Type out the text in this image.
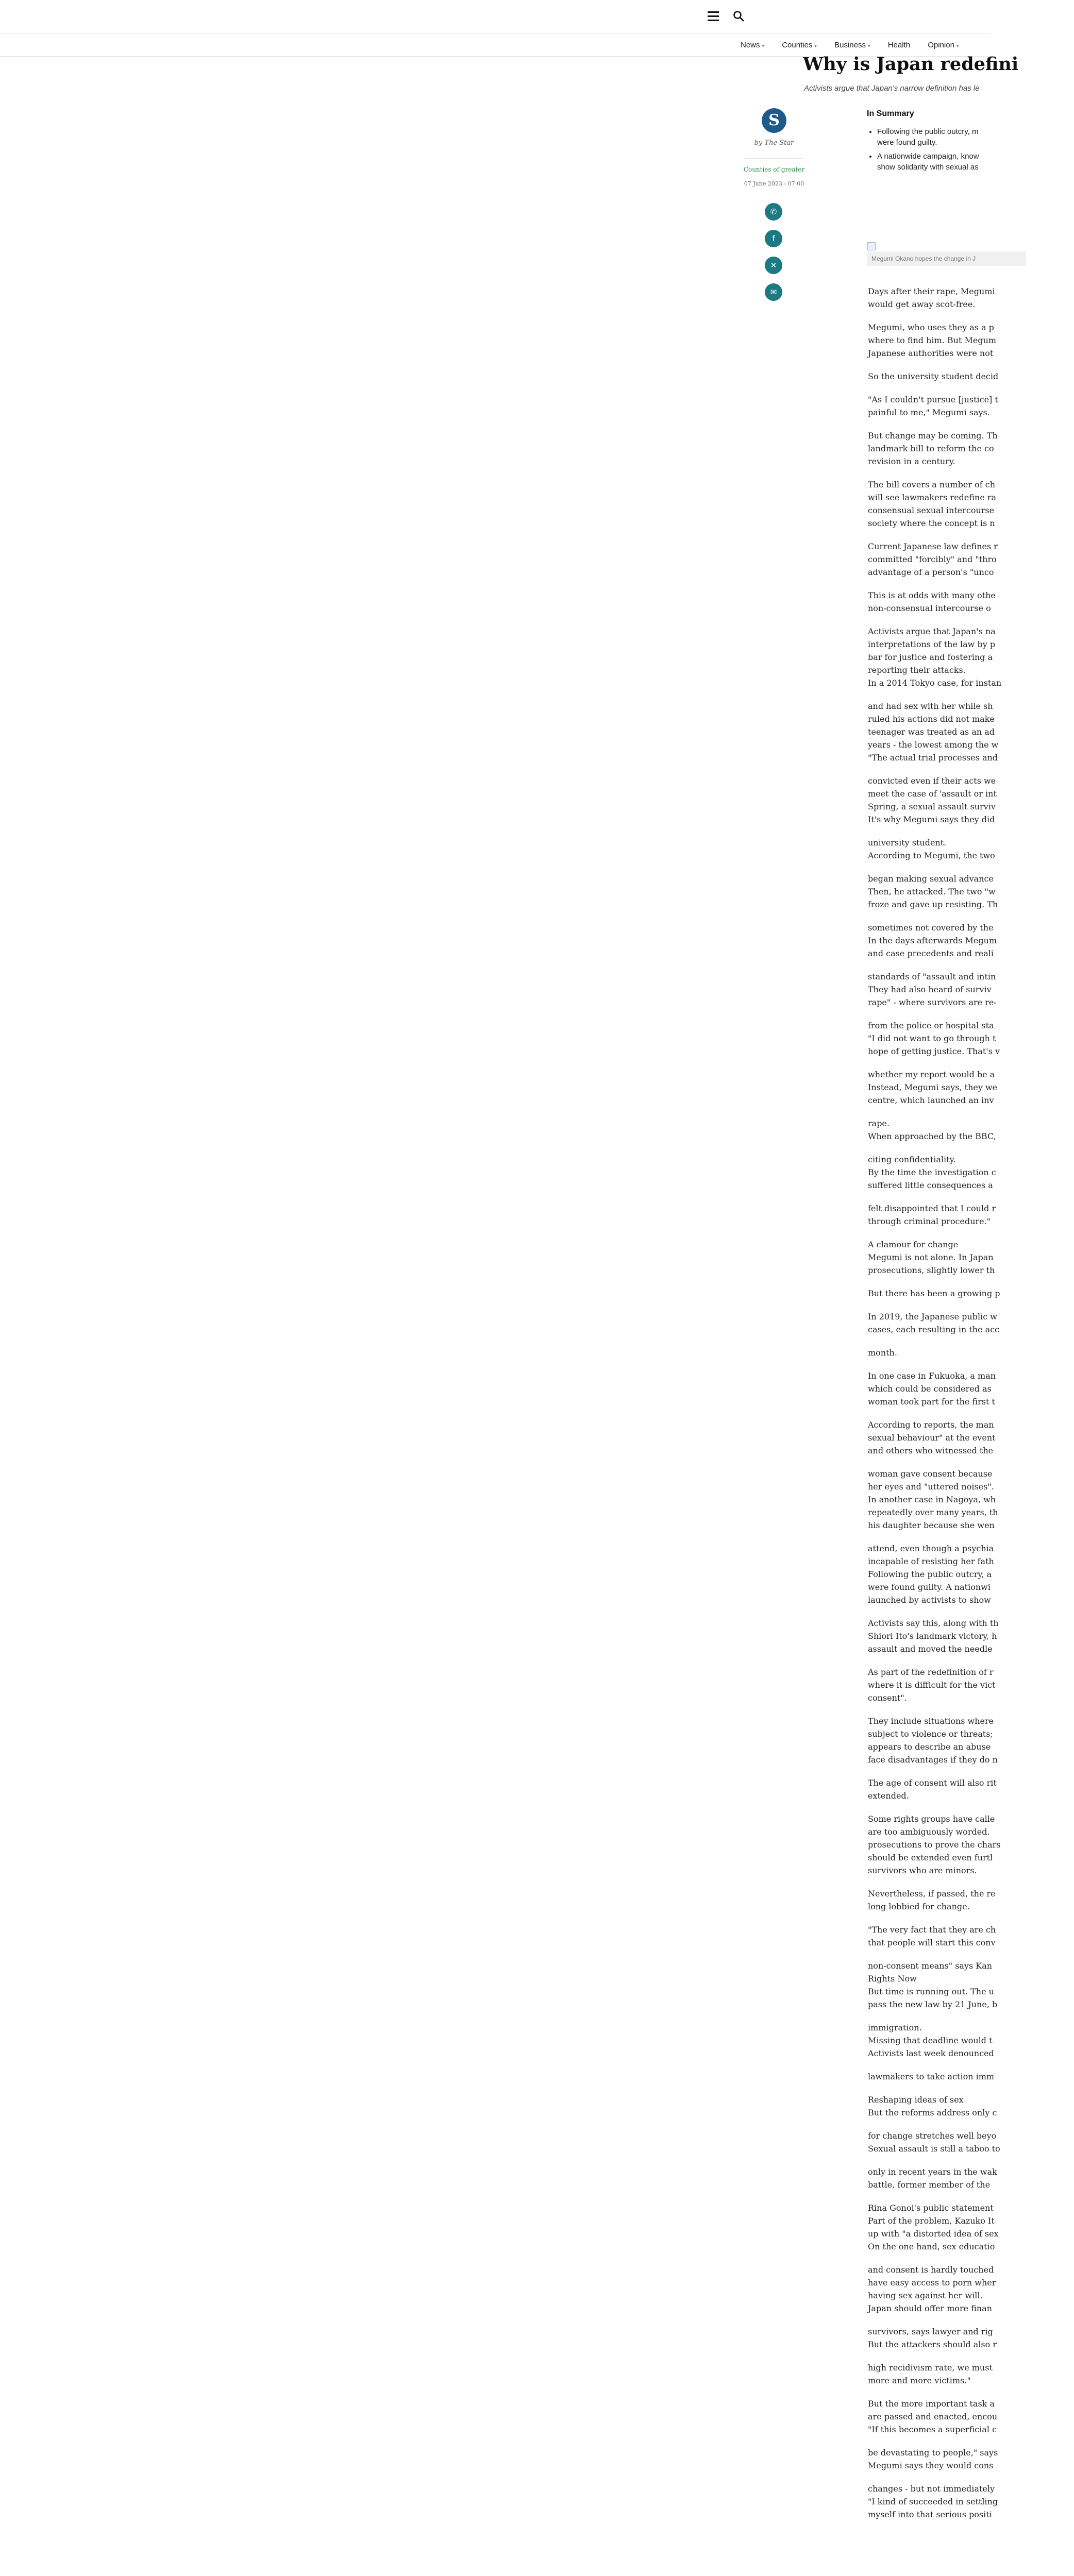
News ▾ Counties ▾ Business ▾ Health Opinion ▾
Why is Japan redefini
Activists argue that Japan's narrow definition has le
S
by The Star
Counties of greater
07 June 2023 - 07:00
✆
f
✕
✉
In Summary
• Following the public outcry, m
were found guilty.
• A nationwide campaign, know
show solidarity with sexual as
Megumi Okano hopes the change in J

Days after their rape, Megumi
would get away scot-free.

Megumi, who uses they as a p
where to find him. But Megum
Japanese authorities were not

So the university student decid

"As I couldn't pursue [justice] t
painful to me," Megumi says.

But change may be coming. Th
landmark bill to reform the co
revision in a century.

The bill covers a number of ch
will see lawmakers redefine ra
consensual sexual intercourse
society where the concept is n

Current Japanese law defines r
committed "forcibly" and "thro
advantage of a person's "unco

This is at odds with many othe
non-consensual intercourse o

Activists argue that Japan's na
interpretations of the law by p
bar for justice and fostering a
reporting their attacks.
In a 2014 Tokyo case, for instan

and had sex with her while sh
ruled his actions did not make
teenager was treated as an ad
years - the lowest among the w
"The actual trial processes and

convicted even if their acts we
meet the case of 'assault or int
Spring, a sexual assault surviv
It's why Megumi says they did

university student.
According to Megumi, the two

began making sexual advance
Then, he attacked. The two "w
froze and gave up resisting. Th

sometimes not covered by the
In the days afterwards Megum
and case precedents and reali

standards of "assault and intin
They had also heard of surviv
rape" - where survivors are re-

from the police or hospital sta
"I did not want to go through t
hope of getting justice. That's v

whether my report would be a
Instead, Megumi says, they we
centre, which launched an inv

rape.
When approached by the BBC,

citing confidentiality.
By the time the investigation c
suffered little consequences a

felt disappointed that I could r
through criminal procedure."

A clamour for change
Megumi is not alone. In Japan
prosecutions, slightly lower th

But there has been a growing p

In 2019, the Japanese public w
cases, each resulting in the acc

month.

In one case in Fukuoka, a man
which could be considered as
woman took part for the first t

According to reports, the man
sexual behaviour" at the event
and others who witnessed the

woman gave consent because
her eyes and "uttered noises".
In another case in Nagoya, wh
repeatedly over many years, th
his daughter because she wen

attend, even though a psychia
incapable of resisting her fath
Following the public outcry, a
were found guilty. A nationwi
launched by activists to show

Activists say this, along with th
Shiori Ito's landmark victory, h
assault and moved the needle

As part of the redefinition of r
where it is difficult for the vict
consent".

They include situations where
subject to violence or threats;
appears to describe an abuse
face disadvantages if they do n

The age of consent will also rit
extended.

Some rights groups have calle
are too ambiguously worded.
prosecutions to prove the chars
should be extended even furtl
survivors who are minors.

Nevertheless, if passed, the re
long lobbied for change.

"The very fact that they are ch
that people will start this conv

non-consent means" says Kan
Rights Now
But time is running out. The u
pass the new law by 21 June, b

immigration.
Missing that deadline would t
Activists last week denounced

lawmakers to take action imm

Reshaping ideas of sex
But the reforms address only c

for change stretches well beyo
Sexual assault is still a taboo to

only in recent years in the wak
battle, former member of the

Rina Gonoi's public statement
Part of the problem, Kazuko It
up with "a distorted idea of sex
On the one hand, sex educatio

and consent is hardly touched
have easy access to porn wher
having sex against her will.
Japan should offer more finan

survivors, says lawyer and rig
But the attackers should also r

high recidivism rate, we must
more and more victims."

But the more important task a
are passed and enacted, encou
"If this becomes a superficial c

be devastating to people," says
Megumi says they would cons

changes - but not immediately
"I kind of succeeded in settling
myself into that serious positi
